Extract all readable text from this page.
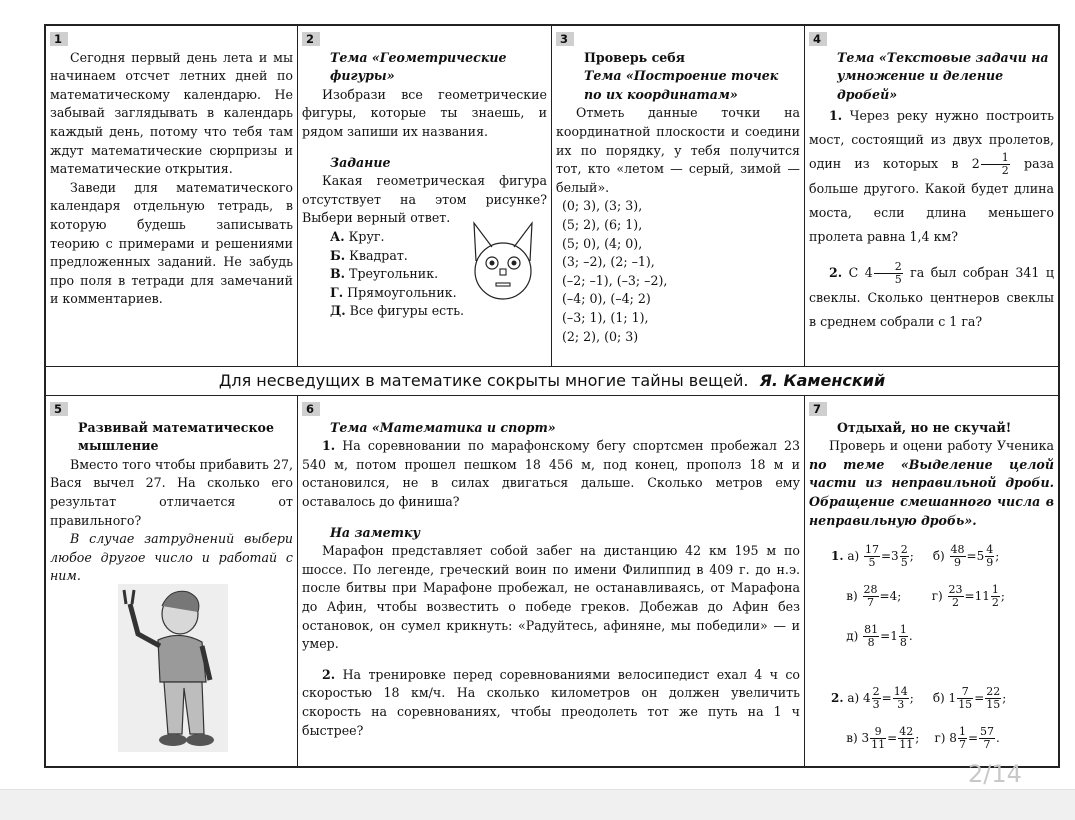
1

Сегодня первый день лета и мы начинаем отсчет летних дней по математическому календарю. Не забывай заглядывать в календарь каждый день, потому что тебя там ждут математические сюрпризы и математические открытия.

Заведи для математического календаря отдельную тетрадь, в которую будешь записывать теорию с примерами и решениями предложенных заданий. Не забудь про поля в тетради для замечаний и комментариев.

2

Тема «Геометрические фигуры»

Изобрази все геометрические фигуры, которые ты знаешь, и рядом запиши их названия.

Задание

Какая геометрическая фигура отсутствует на этом рисунке? Выбери верный ответ.

А. Круг.

Б. Квадрат.

В. Треугольник.

Г. Прямоугольник.

Д. Все фигуры есть.

3

Проверь себя

Тема «Построение точек по их координатам»

Отметь данные точки на координатной плоскости и соедини их по порядку, у тебя получится тот, кто «летом — серый, зимой — белый».

(0; 3), (3; 3),

(5; 2), (6; 1),

(5; 0), (4; 0),

(3; –2), (2; –1),

(–2; –1), (–3; –2),

(–4; 0), (–4; 2)

(–3; 1), (1; 1),

(2; 2), (0; 3)

4

Тема «Текстовые задачи на умножение и деление дробей»

1. Через реку нужно построить мост, состоящий из двух пролетов, один из которых в $2 \frac{1}{2}$ раза больше другого. Какой будет длина моста, если длина меньшего пролета равна 1,4 км?

2. С $4 \frac{2}{5}$ га был собран 341 ц свеклы. Сколько центнеров свеклы в среднем собрали с 1 га?

Для несведущих в математике сокрыты многие тайны вещей. Я. Каменский
5

Развивай математическое мышление

Вместо того чтобы прибавить 27, Вася вычел 27. На сколько его результат отличается от правильного?

В случае затруднений выбери любое другое число и работай с ним.

6

Тема «Математика и спорт»

1. На соревновании по марафонскому бегу спортсмен пробежал 23 540 м, потом прошел пешком 18 456 м, под конец, прополз 18 м и остановился, не в силах двигаться дальше. Сколько метров ему оставалось до финиша?

На заметку

Марафон представляет собой забег на дистанцию 42 км 195 м по шоссе. По легенде, греческий воин по имени Филиппид в 409 г. до н.э. после битвы при Марафоне пробежал, не останавливаясь, от Марафона до Афин, чтобы возвестить о победе греков. Добежав до Афин без остановок, он сумел крикнуть: «Радуйтесь, афиняне, мы победили» — и умер.

2. На тренировке перед соревнованиями велосипедист ехал 4 ч со скоростью 18 км/ч. На сколько километров он должен увеличить скорость на соревнованиях, чтобы преодолеть тот же путь на 1 ч быстрее?

7

Отдыхай, но не скучай!

Проверь и оцени работу Ученика по теме «Выделение целой части из неправильной дроби. Обращение смешанного числа в неправильную дробь».

1. $а) \frac{17}{5} =3 \frac{2}{5}$ ;     $б) \frac{48}{9} =5 \frac{4}{9}$ ;
$в) \frac{28}{7} =4$;        $г) \frac{23}{2} =11 \frac{1}{2}$ ;
$д) \frac{81}{8} =1 \frac{1}{8}$ .
2. а) $4 \frac{2}{3} = \frac{14}{3}$ ;     б) $1 \frac{7}{15} = \frac{22}{15}$ ;
в) $3 \frac{9}{11} = \frac{42}{11}$ ;    г) $8 \frac{1}{7} = \frac{57}{7}$ .
2/14
